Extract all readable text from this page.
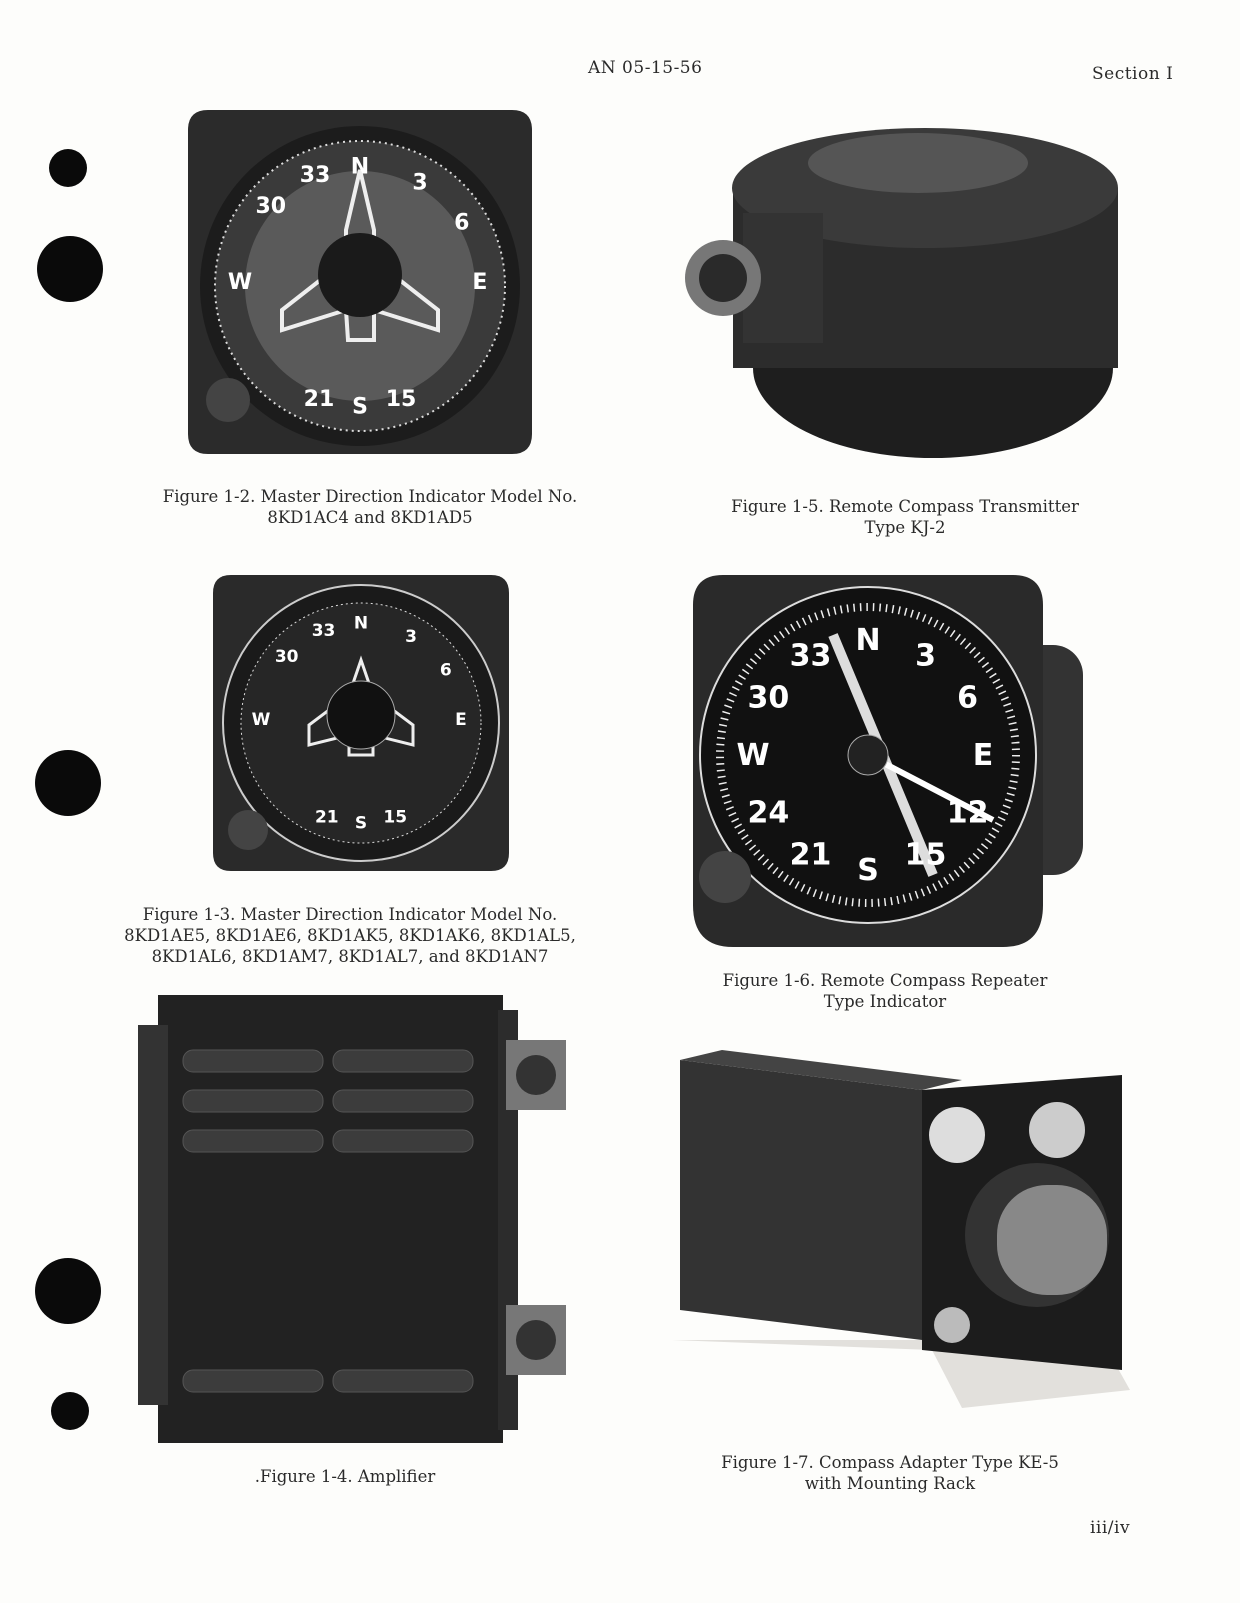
AN 05-15-56	Section I
N
3
6
E
30
33
W
21 S 15
Figure 1-2. Master Direction Indicator Model No.
8KD1AC4 and 8KD1AD5
Figure 1-5. Remote Compass Transmitter
Type KJ-2
N
3
6
E
30
33
W
21 S 15
Figure 1-3. Master Direction Indicator Model No.
8KD1AE5, 8KD1AE6, 8KD1AK5, 8KD1AK6, 8KD1AL5,
8KD1AL6, 8KD1AM7, 8KD1AL7, and 8KD1AN7
N 3
6
E
12
15
S
21
24
W
30
33
Figure 1-6. Remote Compass Repeater
Type Indicator
.Figure 1-4. Amplifier
Figure 1-7. Compass Adapter Type KE-5
with Mounting Rack
iii/iv
